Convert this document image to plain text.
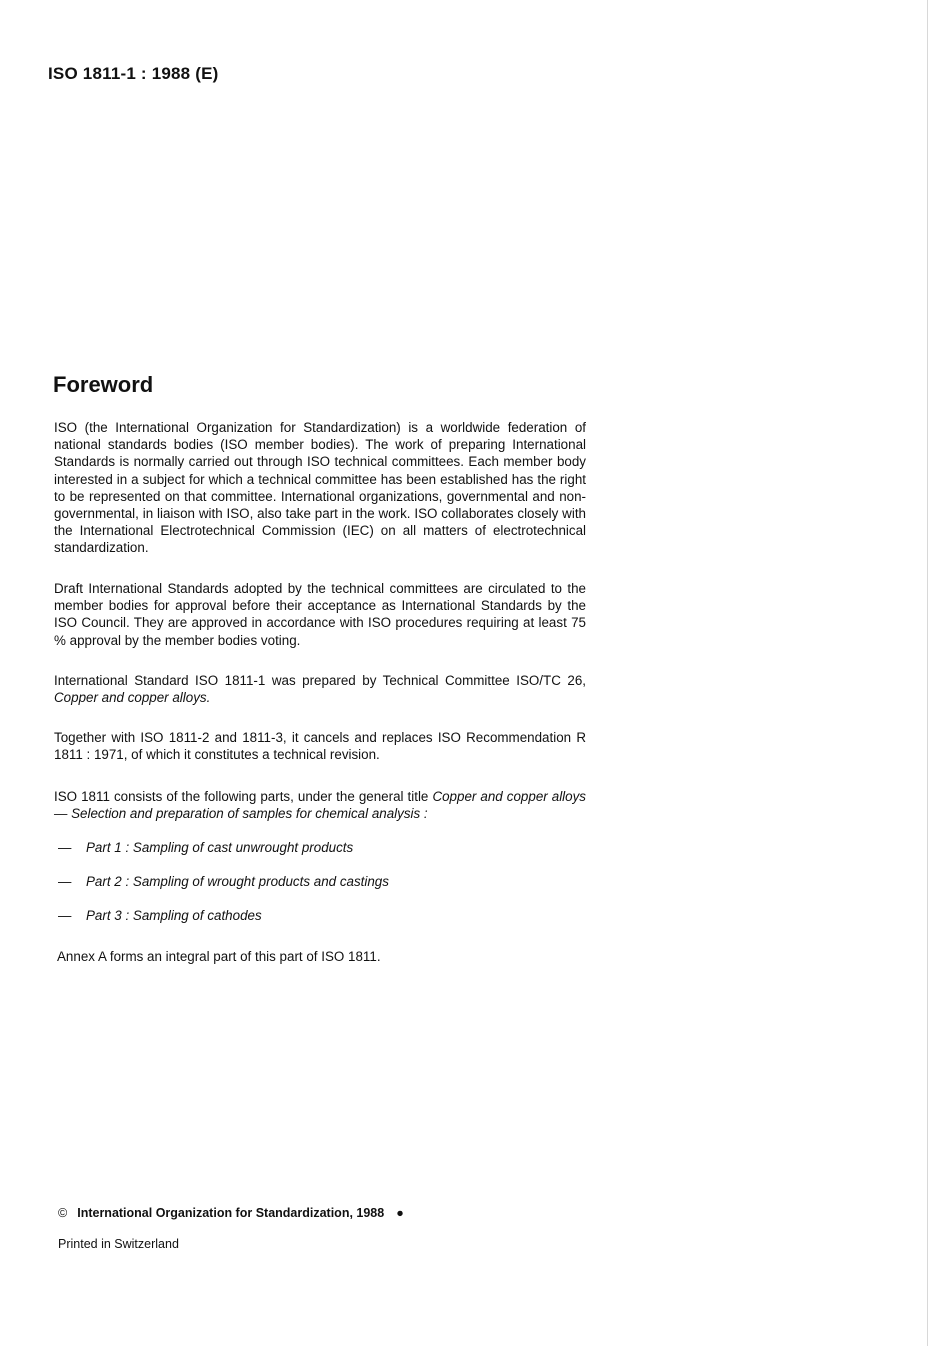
ISO 1811-1 : 1988 (E)
Foreword
ISO (the International Organization for Standardization) is a worldwide federation of national standards bodies (ISO member bodies). The work of preparing International Standards is normally carried out through ISO technical committees. Each member body interested in a subject for which a technical committee has been established has the right to be represented on that committee. International organizations, governmental and non-governmental, in liaison with ISO, also take part in the work. ISO collaborates closely with the International Electrotechnical Commission (IEC) on all matters of electrotechnical standardization.
Draft International Standards adopted by the technical committees are circulated to the member bodies for approval before their acceptance as International Standards by the ISO Council. They are approved in accordance with ISO procedures requiring at least 75 % approval by the member bodies voting.
International Standard ISO 1811-1 was prepared by Technical Committee ISO/TC 26, Copper and copper alloys.
Together with ISO 1811-2 and 1811-3, it cancels and replaces ISO Recommendation R 1811 : 1971, of which it constitutes a technical revision.
ISO 1811 consists of the following parts, under the general title Copper and copper alloys — Selection and preparation of samples for chemical analysis :
— Part 1 : Sampling of cast unwrought products
— Part 2 : Sampling of wrought products and castings
— Part 3 : Sampling of cathodes
Annex A forms an integral part of this part of ISO 1811.
© International Organization for Standardization, 1988 ●
Printed in Switzerland
